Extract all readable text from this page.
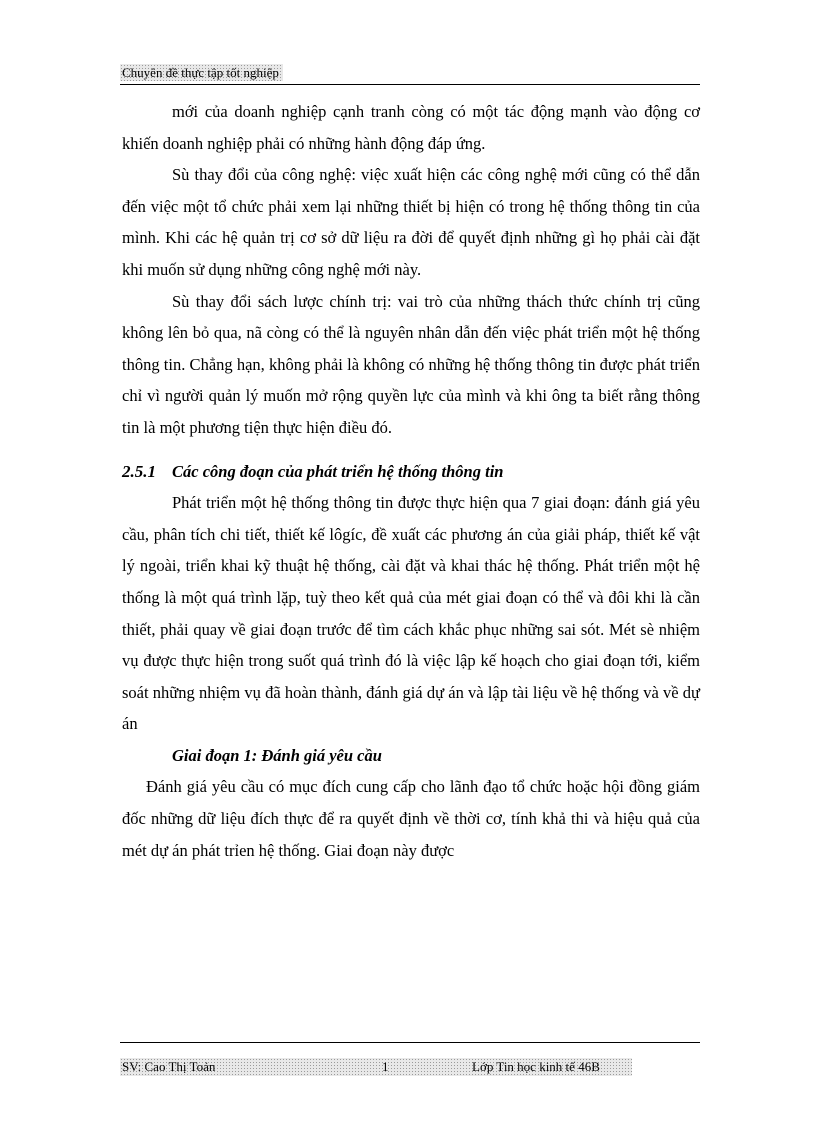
Chuyên đề thực tập tốt nghiệp

mới của doanh nghiệp cạnh tranh còng có một tác động mạnh vào động cơ khiến doanh nghiệp phải có những hành động đáp ứng.

Sù thay đổi của công nghệ: việc xuất hiện các công nghệ mới cũng có thể dẫn đến việc một tổ chức phải xem lại những thiết bị hiện có trong hệ thống thông tin của mình. Khi các hệ quản trị cơ sở dữ liệu ra đời để quyết định những gì họ phải cài đặt khi muốn sử dụng những công nghệ mới này.

Sù thay đổi sách lược chính trị: vai trò của những thách thức chính trị cũng không lên bỏ qua, nã còng có thể là nguyên nhân dẫn đến việc phát triển một hệ thống thông tin. Chẳng hạn, không phải là không có những hệ thống thông tin được phát triển chỉ vì người quản lý muốn mở rộng quyền lực của mình và khi ông ta biết rằng thông tin là một phương tiện thực hiện điều đó.

2.5.1 Các công đoạn của phát triển hệ thống thông tin

Phát triển một hệ thống thông tin được thực hiện qua 7 giai đoạn: đánh giá yêu cầu, phân tích chi tiết, thiết kế lôgíc, đề xuất các phương án của giải pháp, thiết kế vật lý ngoài, triển khai kỹ thuật hệ thống, cài đặt và khai thác hệ thống. Phát triển một hệ thống là một quá trình lặp, tuỳ theo kết quả của mét giai đoạn có thể và đôi khi là cần thiết, phải quay về giai đoạn trước để tìm cách khắc phục những sai sót. Mét sè nhiệm vụ được thực hiện trong suốt quá trình đó là việc lập kế hoạch cho giai đoạn tới, kiểm soát những nhiệm vụ đã hoàn thành, đánh giá dự án và lập tài liệu về hệ thống và về dự án

Giai đoạn 1: Đánh giá yêu cầu

Đánh giá yêu cầu có mục đích cung cấp cho lãnh đạo tổ chức hoặc hội đồng giám đốc những dữ liệu đích thực để ra quyết định về thời cơ, tính khả thi và hiệu quả của mét dự án phát trỉen hệ thống. Giai đoạn này được

SV: Cao Thị Toản	1	Lớp Tin học kinh tế 46B
